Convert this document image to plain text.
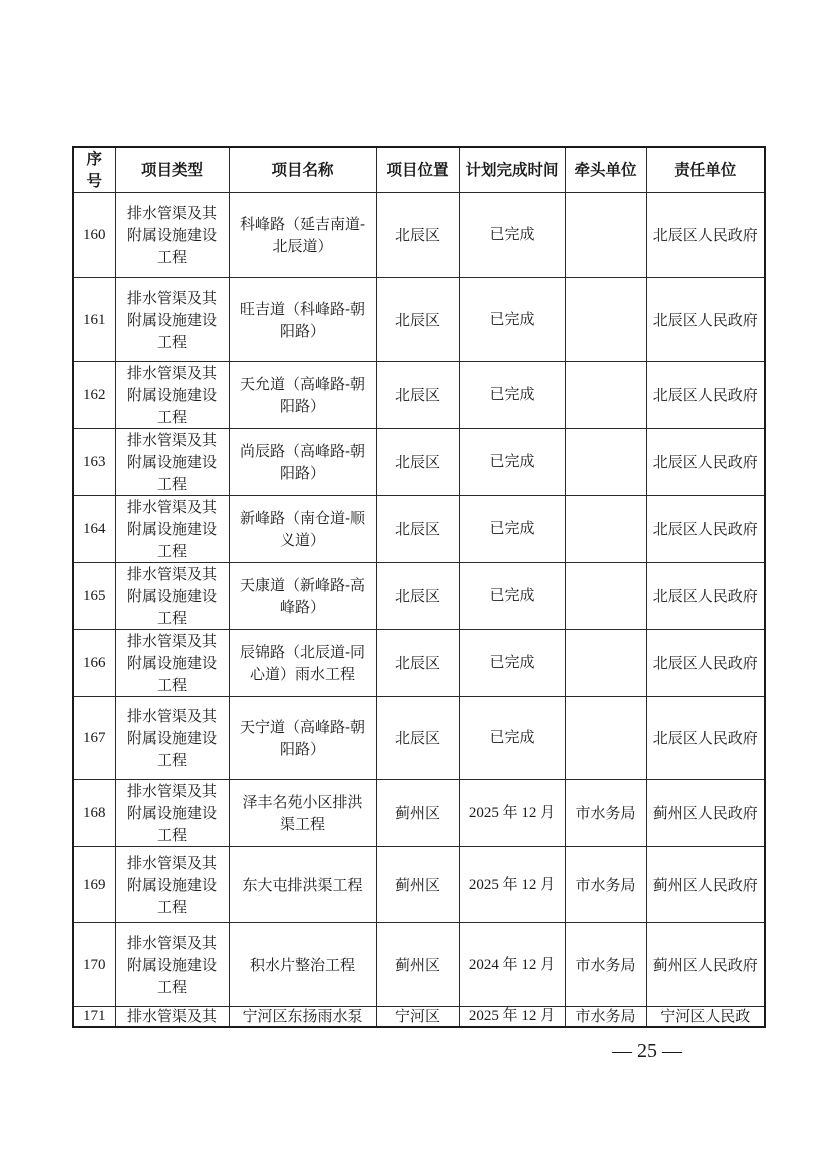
序号	项目类型	项目名称	项目位置	计划完成时间	牵头单位	责任单位
160	排水管渠及其附属设施建设工程	科峰路（延吉南道-北辰道）	北辰区	已完成		北辰区人民政府
161	排水管渠及其附属设施建设工程	旺吉道（科峰路-朝阳路）	北辰区	已完成		北辰区人民政府
162	排水管渠及其附属设施建设工程	天允道（高峰路-朝阳路）	北辰区	已完成		北辰区人民政府
163	排水管渠及其附属设施建设工程	尚辰路（高峰路-朝阳路）	北辰区	已完成		北辰区人民政府
164	排水管渠及其附属设施建设工程	新峰路（南仓道-顺义道）	北辰区	已完成		北辰区人民政府
165	排水管渠及其附属设施建设工程	天康道（新峰路-高峰路）	北辰区	已完成		北辰区人民政府
166	排水管渠及其附属设施建设工程	辰锦路（北辰道-同心道）雨水工程	北辰区	已完成		北辰区人民政府
167	排水管渠及其附属设施建设工程	天宁道（高峰路-朝阳路）	北辰区	已完成		北辰区人民政府
168	排水管渠及其附属设施建设工程	泽丰名苑小区排洪渠工程	蓟州区	2025 年 12 月	市水务局	蓟州区人民政府
169	排水管渠及其附属设施建设工程	东大屯排洪渠工程	蓟州区	2025 年 12 月	市水务局	蓟州区人民政府
170	排水管渠及其附属设施建设工程	积水片整治工程	蓟州区	2024 年 12 月	市水务局	蓟州区人民政府
171	排水管渠及其	宁河区东扬雨水泵	宁河区	2025 年 12 月	市水务局	宁河区人民政
— 25 —
